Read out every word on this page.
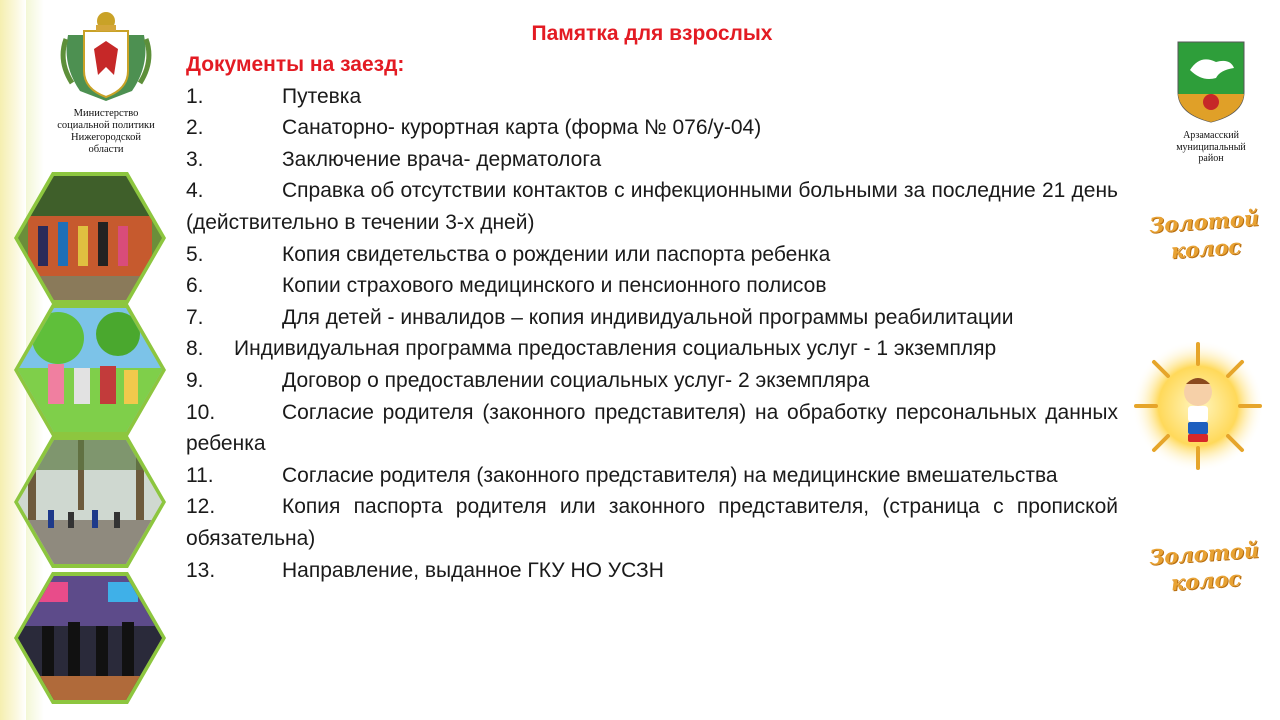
Министерство
социальной политики
Нижегородской
области
Арзамасский
муниципальный
район
Золотой
колос
Золотой
колос
Памятка для взрослых
Документы на заезд:
1.	Путевка
2.	Санаторно- курортная карта (форма № 076/у-04)
3.	Заключение врача- дерматолога
4.	Справка об отсутствии контактов с инфекционными больными за последние 21 день (действительно в течении 3-х дней)
5.	Копия свидетельства о рождении или паспорта ребенка
6.	Копии страхового медицинского и пенсионного полисов
7.	Для детей - инвалидов – копия индивидуальной программы реабилитации
8. Индивидуальная программа предоставления социальных услуг - 1 экземпляр
9.	Договор о предоставлении социальных услуг- 2 экземпляра
10.	Согласие родителя (законного представителя) на обработку персональных данных ребенка
11.	Согласие родителя (законного представителя) на медицинские вмешательства
12.	Копия паспорта родителя или законного представителя, (страница с пропиской обязательна)
13.	Направление, выданное ГКУ НО УСЗН
